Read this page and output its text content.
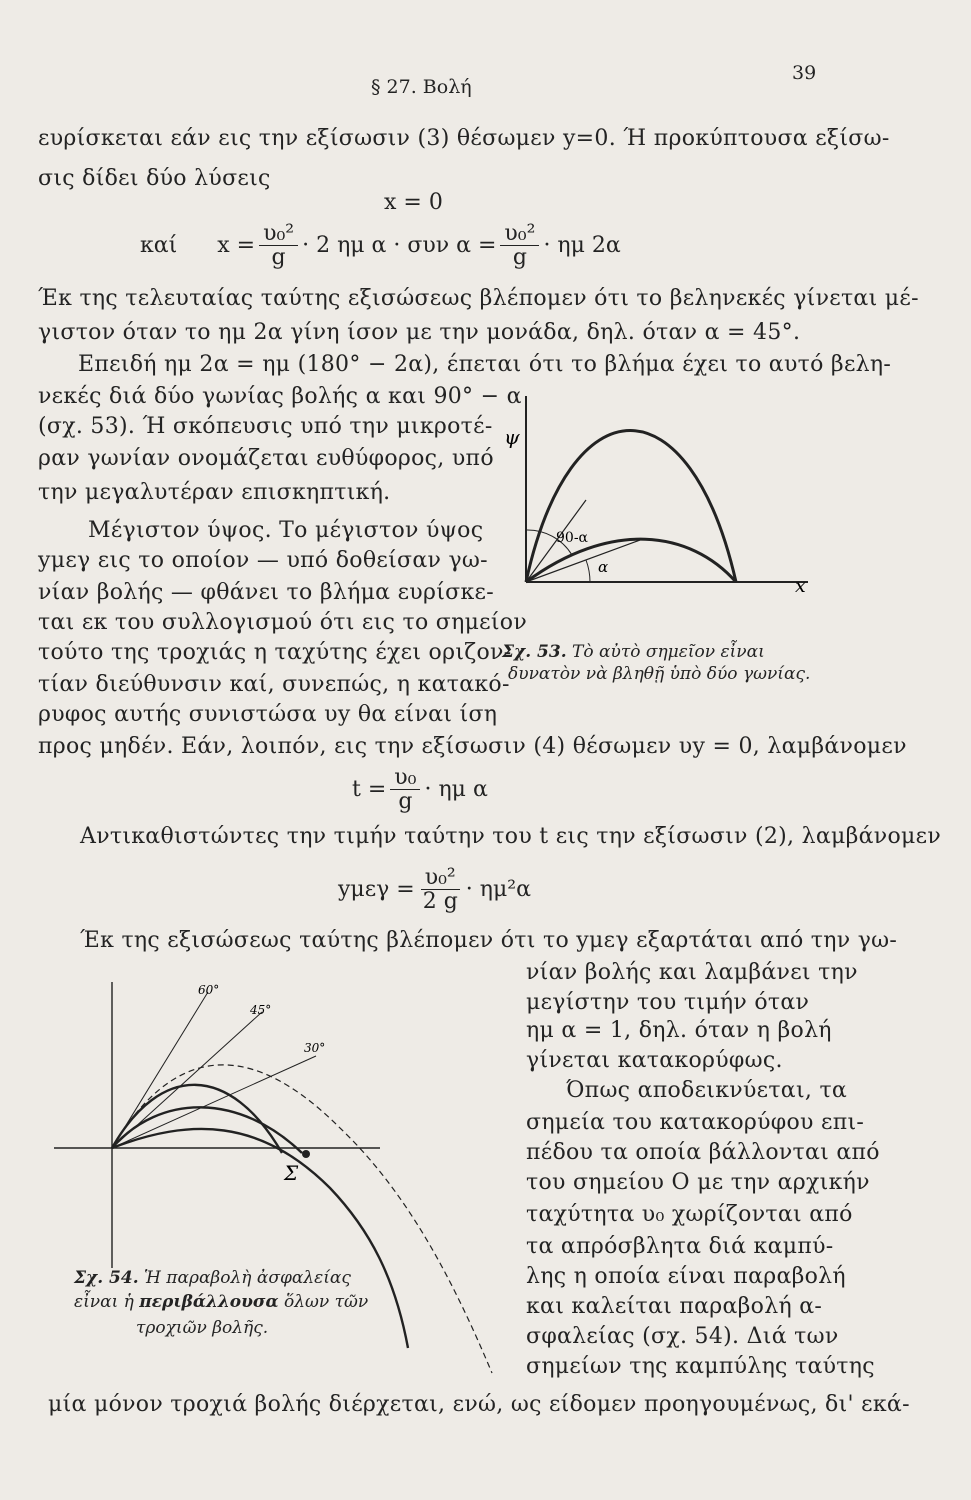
§ 27. Βολή
39
ευρίσκεται εάν εις την εξίσωσιν (3) θέσωμεν y=0. Ή προκύπτουσα εξίσω-
σις δίδει δύο λύσεις
x = 0
καί $x = \frac{\text{υ₀²}}{g} \cdot 2$ ημ α · συν $\alpha = \frac{\text{υ₀²}}{g} \cdot \eta\mu$ 2α
Έκ της τελευταίας ταύτης εξισώσεως βλέπομεν ότι το βεληνεκές γίνεται μέ-
γιστον όταν το ημ 2α γίνη ίσον με την μονάδα, δηλ. όταν α = 45°.
Επειδή ημ 2α = ημ (180° − 2α), έπεται ότι το βλήμα έχει το αυτό βελη-
νεκές διά δύο γωνίας βολής α και 90° − α
(σχ. 53). Ή σκόπευσις υπό την μικροτέ-
ραν γωνίαν ονομάζεται ευθύφορος, υπό
την μεγαλυτέραν επισκηπτική.
Μέγιστον ύψος. Το μέγιστον ύψος
yμεγ εις το οποίον — υπό δοθείσαν γω-
νίαν βολής — φθάνει το βλήμα ευρίσκε-
ται εκ του συλλογισμού ότι εις το σημείον
τούτο της τροχιάς η ταχύτης έχει οριζον-
τίαν διεύθυνσιν καί, συνεπώς, η κατακό-
ρυφος αυτής συνιστώσα υy θα είναι ίση
προς μηδέν. Εάν, λοιπόν, εις την εξίσωσιν (4) θέσωμεν υy = 0, λαμβάνομεν
ψ
x
90-α
α
Σχ. 53. Τὸ αὐτὸ σημεῖον εἶναι
δυνατὸν νὰ βληθῇ ὑπὸ δύο γωνίας.
$t = \frac{\text{υ₀}}{g} \cdot \eta\mu$ α
Αντικαθιστώντες την τιμήν ταύτην του t εις την εξίσωσιν (2), λαμβάνομεν
$y\mu\varepsilon\gamma = \frac{\text{υ₀²}}{2 g} \cdot \eta\mu^2\alpha$
Έκ της εξισώσεως ταύτης βλέπομεν ότι το yμεγ εξαρτάται από την γω-
νίαν βολής και λαμβάνει την
μεγίστην του τιμήν όταν
ημ α = 1, δηλ. όταν η βολή
γίνεται κατακορύφως.
Όπως αποδεικνύεται, τα
σημεία του κατακορύφου επι-
πέδου τα οποία βάλλονται από
του σημείου Ο με την αρχικήν
ταχύτητα υ₀ χωρίζονται από
τα απρόσβλητα διά καμπύ-
λης η οποία είναι παραβολή
και καλείται παραβολή α-
σφαλείας (σχ. 54). Διά των
σημείων της καμπύλης ταύτης
60°
45°
30°
Σ
Σχ. 54. Ἡ παραβολὴ ἀσφαλείας
εἶναι ἡ περιβάλλουσα ὅλων τῶν
τροχιῶν βολῆς.
μία μόνον τροχιά βολής διέρχεται, ενώ, ως είδομεν προηγουμένως, δι' εκά-
